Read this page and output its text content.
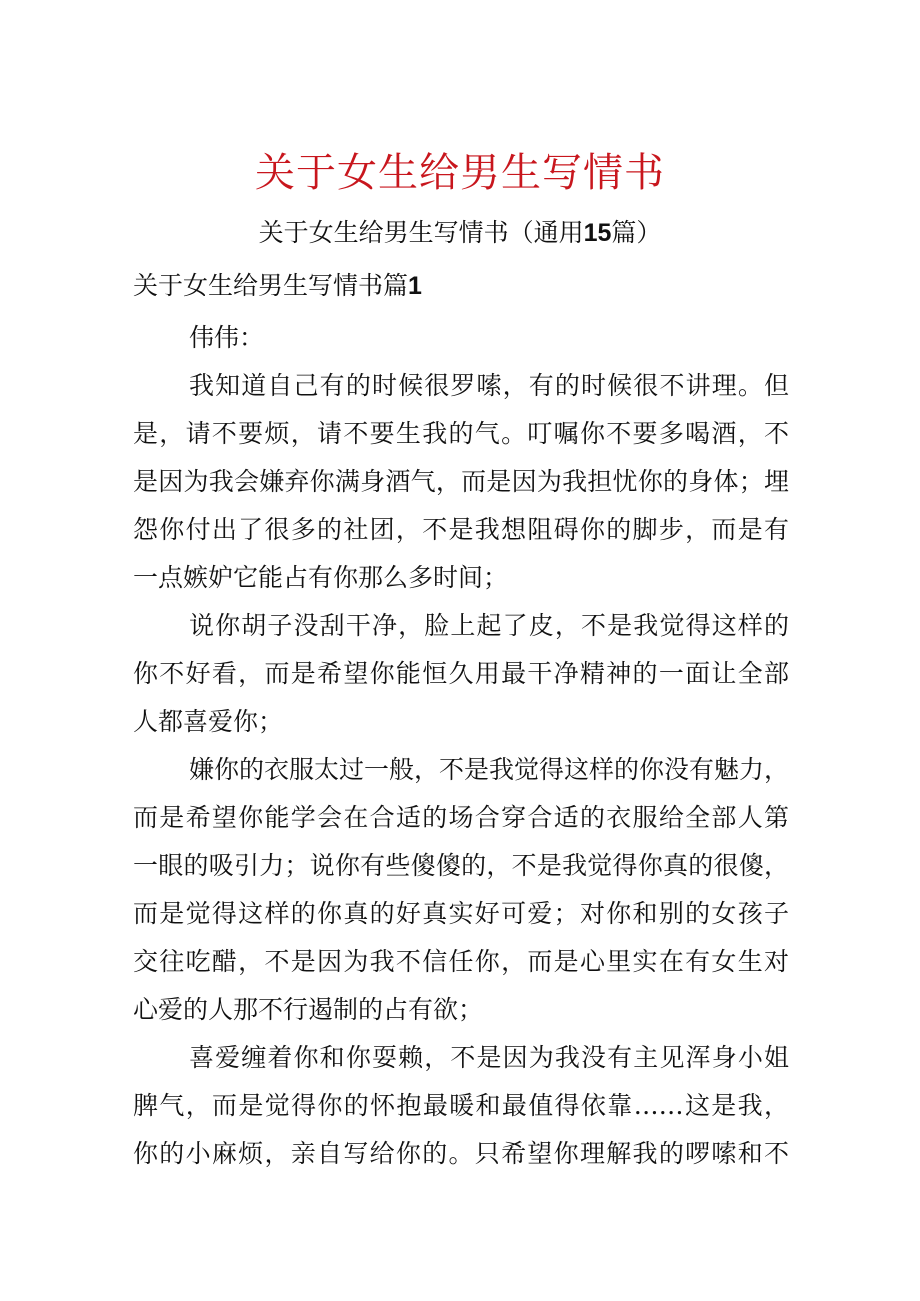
关于女生给男生写情书

关于女生给男生写情书（通用15篇）

关于女生给男生写情书篇1

伟伟：
我知道自己有的时候很罗嗦，有的时候很不讲理。但
是，请不要烦，请不要生我的气。叮嘱你不要多喝酒，不
是因为我会嫌弃你满身酒气，而是因为我担忧你的身体；埋
怨你付出了很多的社团，不是我想阻碍你的脚步，而是有
一点嫉妒它能占有你那么多时间；
说你胡子没刮干净，脸上起了皮，不是我觉得这样的
你不好看，而是希望你能恒久用最干净精神的一面让全部
人都喜爱你；
嫌你的衣服太过一般，不是我觉得这样的你没有魅力，
而是希望你能学会在合适的场合穿合适的衣服给全部人第
一眼的吸引力；说你有些傻傻的，不是我觉得你真的很傻，
而是觉得这样的你真的好真实好可爱；对你和别的女孩子
交往吃醋，不是因为我不信任你，而是心里实在有女生对
心爱的人那不行遏制的占有欲；
喜爱缠着你和你耍赖，不是因为我没有主见浑身小姐
脾气，而是觉得你的怀抱最暖和最值得依靠……这是我，
你的小麻烦，亲自写给你的。只希望你理解我的啰嗦和不
